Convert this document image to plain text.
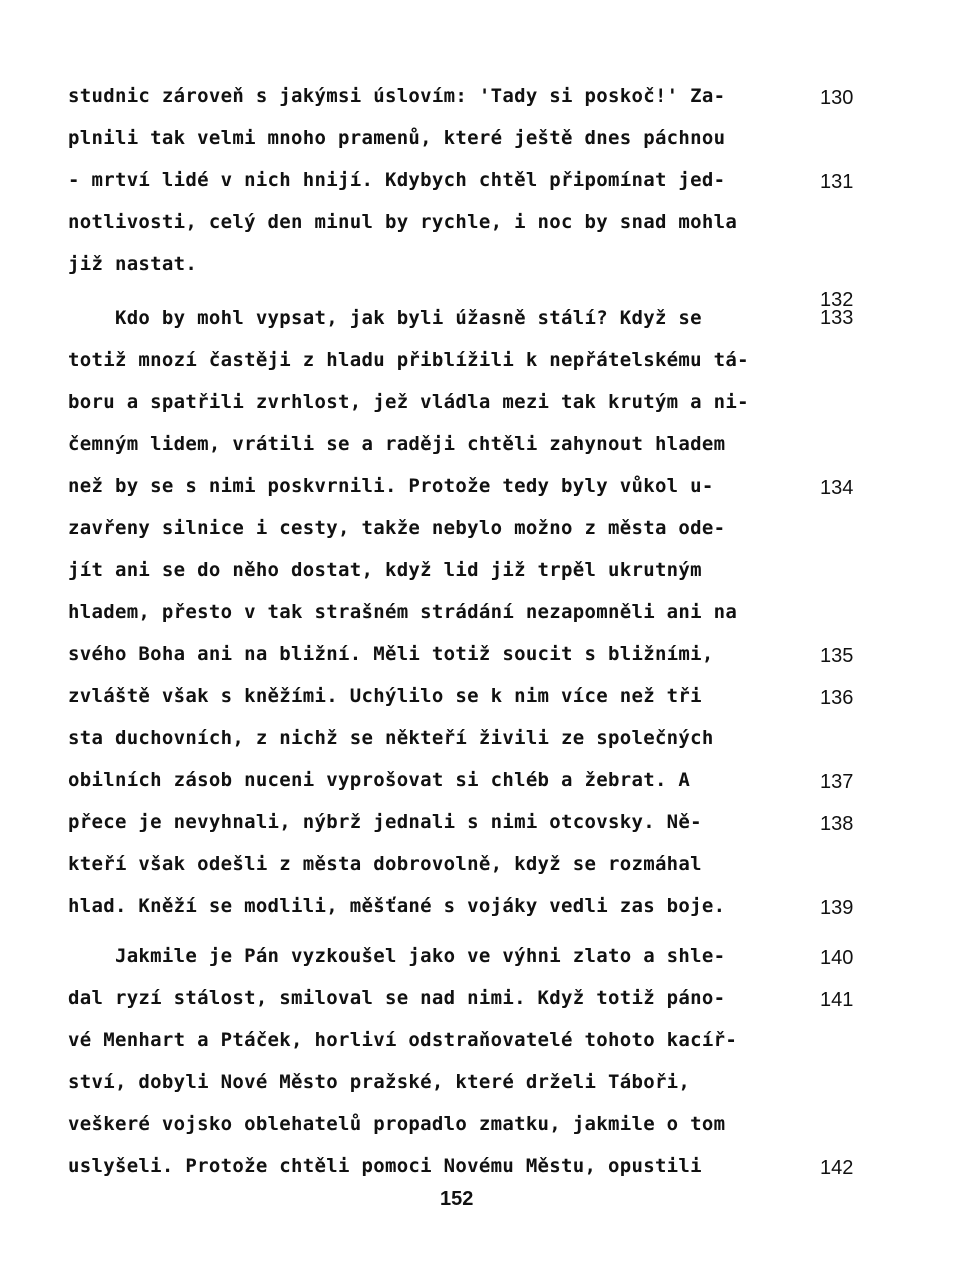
studnic zároveň s jakýmsi úslovím: 'Tady si poskoč!' Za-
plnili tak velmi mnoho pramenů, které ještě dnes páchnou
- mrtví lidé v nich hnijí. Kdybych chtěl připomínat jed-
notlivosti, celý den minul by rychle, i noc by snad mohla
již nastat.
Kdo by mohl vypsat, jak byli úžasně stálí? Když se
totiž mnozí častěji z hladu přiblížili k nepřátelskému tá-
boru a spatřili zvrhlost, jež vládla mezi tak krutým a ni-
čemným lidem, vrátili se a raději chtěli zahynout hladem
než by se s nimi poskvrnili. Protože tedy byly vůkol u-
zavřeny silnice i cesty, takže nebylo možno z města ode-
jít ani se do něho dostat, když lid již trpěl ukrutným
hladem, přesto v tak strašném strádání nezapomněli ani na
svého Boha ani na bližní. Měli totiž soucit s bližními,
zvláště však s kněžími. Uchýlilo se k nim více než tři
sta duchovních, z nichž se někteří živili ze společných
obilních zásob nuceni vyprošovat si chléb a žebrat. A
přece je nevyhnali, nýbrž jednali s nimi otcovsky. Ně-
kteří však odešli z města dobrovolně, když se rozmáhal
hlad. Kněží se modlili, měšťané s vojáky vedli zas boje.
Jakmile je Pán vyzkoušel jako ve výhni zlato a shle-
dal ryzí stálost, smiloval se nad nimi. Když totiž páno-
vé Menhart a Ptáček, horliví odstraňovatelé tohoto kacíř-
ství, dobyli Nové Město pražské, které drželi Táboři,
veškeré vojsko oblehatelů propadlo zmatku, jakmile o tom
uslyšeli. Protože chtěli pomoci Novému Městu, opustili
130
131
132
133
134
135
136
137
138
139
140
141
142
152
